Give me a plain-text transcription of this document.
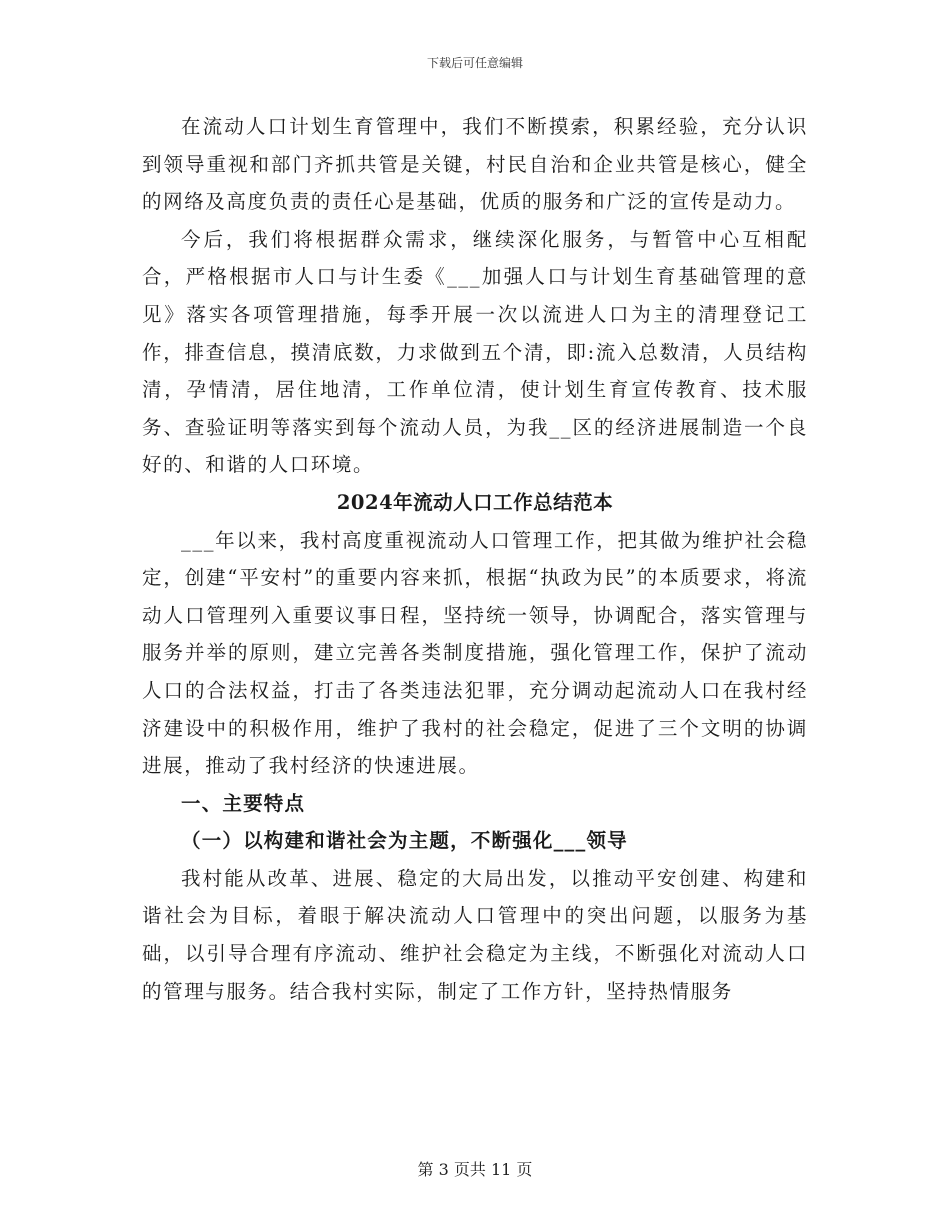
下载后可任意编辑

在流动人口计划生育管理中，我们不断摸索，积累经验，充分认识到领导重视和部门齐抓共管是关键，村民自治和企业共管是核心，健全的网络及高度负责的责任心是基础，优质的服务和广泛的宣传是动力。

今后，我们将根据群众需求，继续深化服务，与暂管中心互相配合，严格根据市人口与计生委《___加强人口与计划生育基础管理的意见》落实各项管理措施，每季开展一次以流进人口为主的清理登记工作，排查信息，摸清底数，力求做到五个清，即:流入总数清，人员结构清，孕情清，居住地清，工作单位清，使计划生育宣传教育、技术服务、查验证明等落实到每个流动人员，为我__区的经济进展制造一个良好的、和谐的人口环境。

2024年流动人口工作总结范本

___年以来，我村高度重视流动人口管理工作，把其做为维护社会稳定，创建“平安村”的重要内容来抓，根据“执政为民”的本质要求，将流动人口管理列入重要议事日程，坚持统一领导，协调配合，落实管理与服务并举的原则，建立完善各类制度措施，强化管理工作，保护了流动人口的合法权益，打击了各类违法犯罪，充分调动起流动人口在我村经济建设中的积极作用，维护了我村的社会稳定，促进了三个文明的协调进展，推动了我村经济的快速进展。

一、主要特点

（一）以构建和谐社会为主题，不断强化___领导

我村能从改革、进展、稳定的大局出发，以推动平安创建、构建和谐社会为目标，着眼于解决流动人口管理中的突出问题，以服务为基础，以引导合理有序流动、维护社会稳定为主线，不断强化对流动人口的管理与服务。结合我村实际，制定了工作方针，坚持热情服务

第 3 页共 11 页
